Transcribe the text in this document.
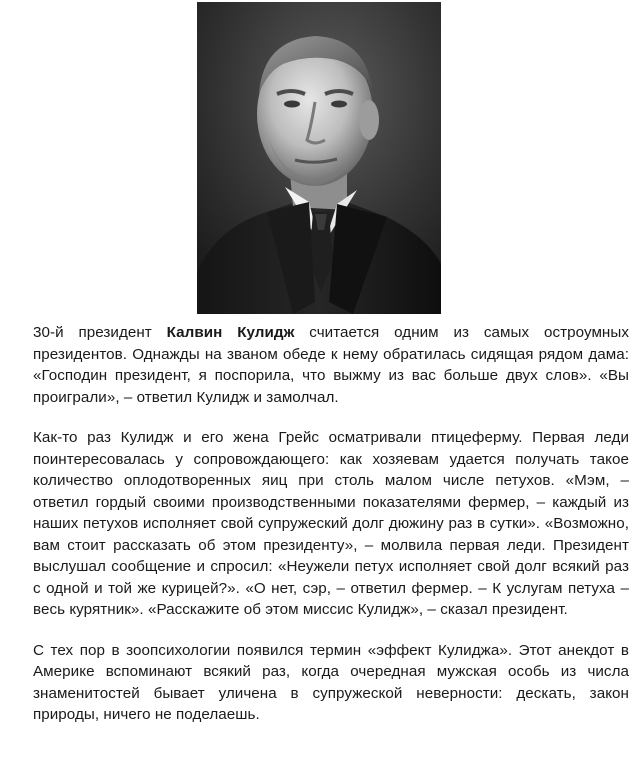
30-й президент Калвин Кулидж считается одним из самых остроумных президентов. Однажды на званом обеде к нему обратилась сидящая рядом дама: «Господин президент, я поспорила, что выжму из вас больше двух слов». «Вы проиграли», – ответил Кулидж и замолчал.

Как-то раз Кулидж и его жена Грейс осматривали птицеферму. Первая леди поинтересовалась у сопровождающего: как хозяевам удается получать такое количество оплодотворенных яиц при столь малом числе петухов. «Мэм, – ответил гордый своими производственными показателями фермер, – каждый из наших петухов исполняет свой супружеский долг дюжину раз в сутки». «Возможно, вам стоит рассказать об этом президенту», – молвила первая леди. Президент выслушал сообщение и спросил: «Неужели петух исполняет свой долг всякий раз с одной и той же курицей?». «О нет, сэр, – ответил фермер. – К услугам петуха – весь курятник». «Расскажите об этом миссис Кулидж», – сказал президент.

С тех пор в зоопсихологии появился термин «эффект Кулиджа». Этот анекдот в Америке вспоминают всякий раз, когда очередная мужская особь из числа знаменитостей бывает уличена в супружеской неверности: дескать, закон природы, ничего не поделаешь.
